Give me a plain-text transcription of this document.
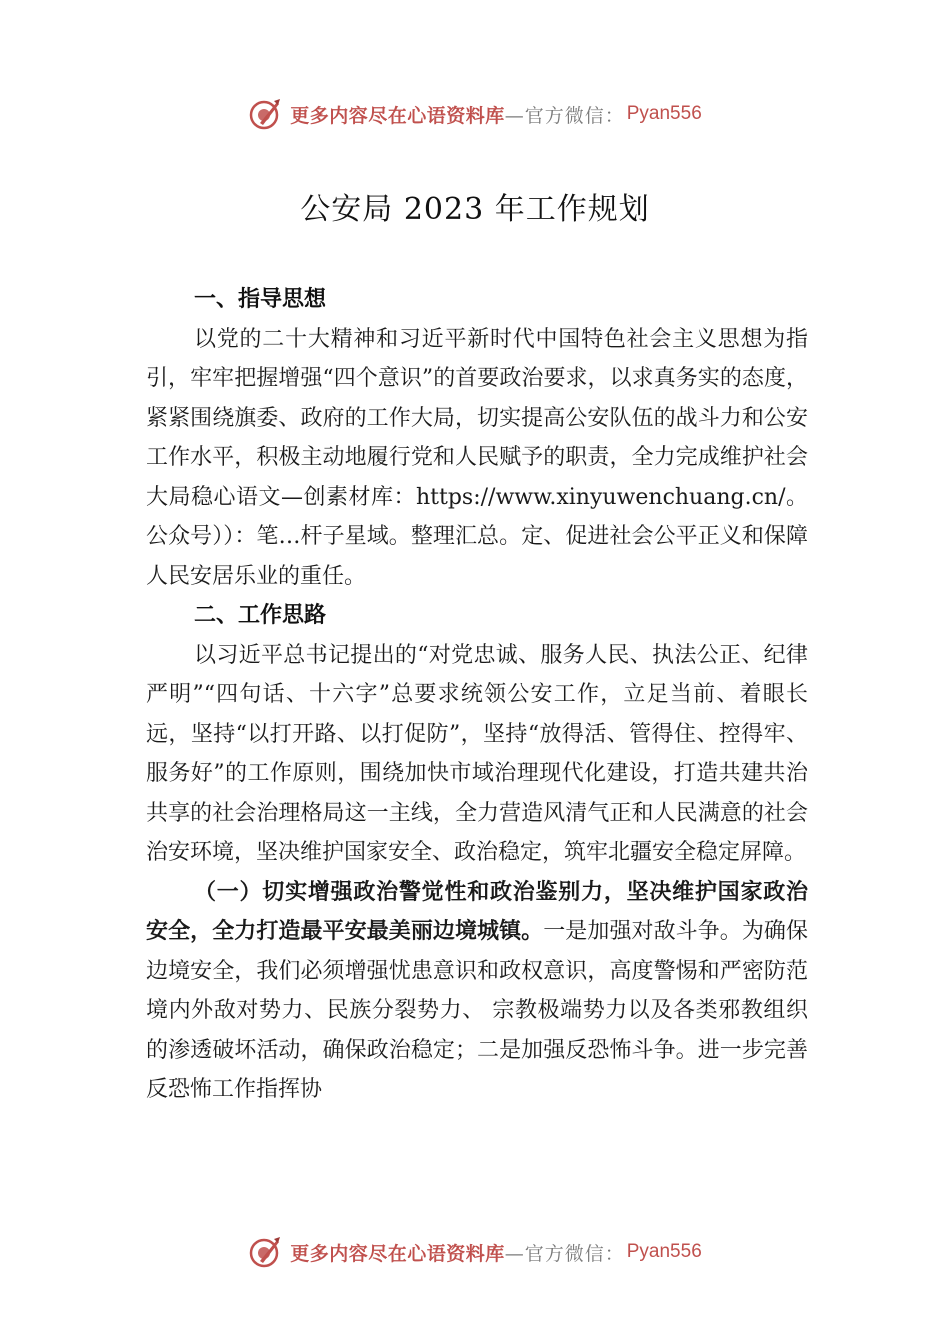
更多内容尽在心语资料库 —官方微信： Pyan556
公安局 2023 年工作规划
一、指导思想

以党的二十大精神和习近平新时代中国特色社会主义思想为指引，牢牢把握增强“四个意识”的首要政治要求，以求真务实的态度，紧紧围绕旗委、政府的工作大局，切实提高公安队伍的战斗力和公安工作水平，积极主动地履行党和人民赋予的职责，全力完成维护社会大局稳心语文—创素材库：https://www.xinyuwenchuang.cn/。公众号））：笔…杆子星域。整理汇总。定、促进社会公平正义和保障人民安居乐业的重任。

二、工作思路

以习近平总书记提出的“对党忠诚、服务人民、执法公正、纪律严明”“四句话、十六字”总要求统领公安工作，立足当前、着眼长远，坚持“以打开路、以打促防”，坚持“放得活、管得住、控得牢、服务好”的工作原则，围绕加快市域治理现代化建设，打造共建共治共享的社会治理格局这一主线，全力营造风清气正和人民满意的社会治安环境，坚决维护国家安全、政治稳定，筑牢北疆安全稳定屏障。

（一）切实增强政治警觉性和政治鉴别力，坚决维护国家政治安全，全力打造最平安最美丽边境城镇。一是加强对敌斗争。为确保边境安全，我们必须增强忧患意识和政权意识，高度警惕和严密防范境内外敌对势力、民族分裂势力、 宗教极端势力以及各类邪教组织的渗透破坏活动，确保政治稳定；二是加强反恐怖斗争。进一步完善反恐怖工作指挥协

更多内容尽在心语资料库 —官方微信： Pyan556
